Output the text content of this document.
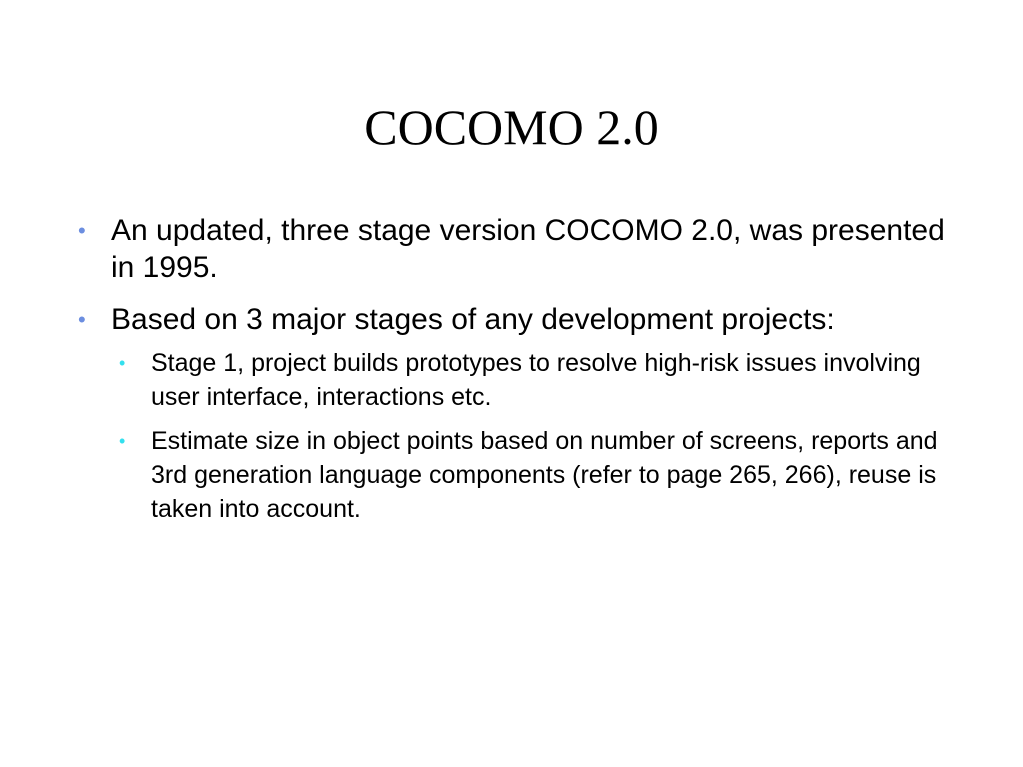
COCOMO 2.0
• An updated, three stage version COCOMO 2.0, was presented in 1995.
• Based on 3 major stages of any development projects:
• Stage 1, project builds prototypes to resolve high-risk issues involving user interface, interactions etc.
• Estimate size in object points based on number of screens, reports and 3rd generation language components (refer to page 265, 266), reuse is taken into account.
